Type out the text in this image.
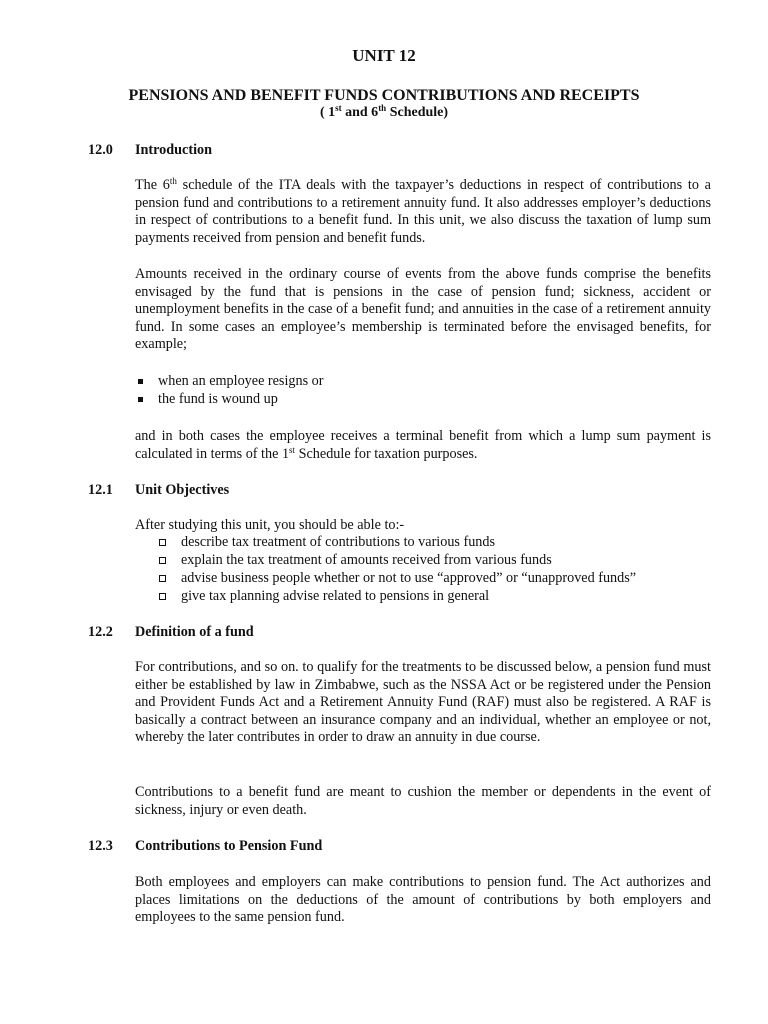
UNIT 12
PENSIONS AND BENEFIT FUNDS CONTRIBUTIONS AND RECEIPTS
( 1st and 6th Schedule)
12.0 Introduction
The 6th schedule of the ITA deals with the taxpayer’s deductions in respect of contributions to a pension fund and contributions to a retirement annuity fund. It also addresses employer’s deductions in respect of contributions to a benefit fund. In this unit, we also discuss the taxation of lump sum payments received from pension and benefit funds.
Amounts received in the ordinary course of events from the above funds comprise the benefits envisaged by the fund that is pensions in the case of pension fund; sickness, accident or unemployment benefits in the case of a benefit fund; and annuities in the case of a retirement annuity fund. In some cases an employee’s membership is terminated before the envisaged benefits, for example;
when an employee resigns or
the fund is wound up
and in both cases the employee receives a terminal benefit from which a lump sum payment is calculated in terms of the 1st Schedule for taxation purposes.
12.1 Unit Objectives
After studying this unit, you should be able to:-
describe tax treatment of contributions to various funds
explain the tax treatment of amounts received from various funds
advise business people whether or not to use “approved” or “unapproved funds”
give tax planning advise related to pensions in general
12.2 Definition of a fund
For contributions, and so on. to qualify for the treatments to be discussed below, a pension fund must either be established by law in Zimbabwe, such as the NSSA Act or be registered under the Pension and Provident Funds Act and a Retirement Annuity Fund (RAF) must also be registered. A RAF is basically a contract between an insurance company and an individual, whether an employee or not, whereby the later contributes in order to draw an annuity in due course.
Contributions to a benefit fund are meant to cushion the member or dependents in the event of sickness, injury or even death.
12.3 Contributions to Pension Fund
Both employees and employers can make contributions to pension fund. The Act authorizes and places limitations on the deductions of the amount of contributions by both employers and employees to the same pension fund.
